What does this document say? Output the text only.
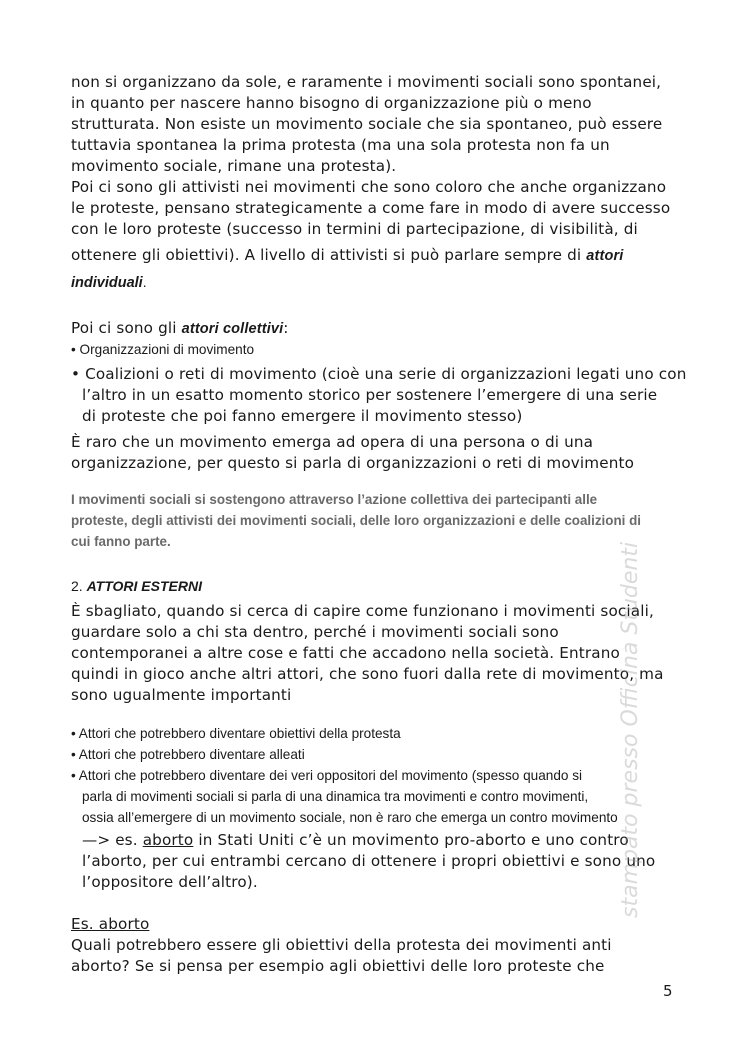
non si organizzano da sole, e raramente i movimenti sociali sono spontanei,
in quanto per nascere hanno bisogno di organizzazione più o meno
strutturata. Non esiste un movimento sociale che sia spontaneo, può essere
tuttavia spontanea la prima protesta (ma una sola protesta non fa un
movimento sociale, rimane una protesta).
Poi ci sono gli attivisti nei movimenti che sono coloro che anche organizzano
le proteste, pensano strategicamente a come fare in modo di avere successo
con le loro proteste (successo in termini di partecipazione, di visibilità, di
ottenere gli obiettivi). A livello di attivisti si può parlare sempre di attori
individuali.
Poi ci sono gli attori collettivi:
• Organizzazioni di movimento
• Coalizioni o reti di movimento (cioè una serie di organizzazioni legati uno con
l’altro in un esatto momento storico per sostenere l’emergere di una serie
di proteste che poi fanno emergere il movimento stesso)
È raro che un movimento emerga ad opera di una persona o di una
organizzazione, per questo si parla di organizzazioni o reti di movimento
I movimenti sociali si sostengono attraverso l’azione collettiva dei partecipanti alle
proteste, degli attivisti dei movimenti sociali, delle loro organizzazioni e delle coalizioni di
cui fanno parte.
2. ATTORI ESTERNI
È sbagliato, quando si cerca di capire come funzionano i movimenti sociali,
guardare solo a chi sta dentro, perché i movimenti sociali sono
contemporanei a altre cose e fatti che accadono nella società. Entrano
quindi in gioco anche altri attori, che sono fuori dalla rete di movimento, ma
sono ugualmente importanti
• Attori che potrebbero diventare obiettivi della protesta
• Attori che potrebbero diventare alleati
• Attori che potrebbero diventare dei veri oppositori del movimento (spesso quando si
parla di movimenti sociali si parla di una dinamica tra movimenti e contro movimenti,
ossia all’emergere di un movimento sociale, non è raro che emerga un contro movimento
—> es. aborto in Stati Uniti c’è un movimento pro-aborto e uno contro
l’aborto, per cui entrambi cercano di ottenere i propri obiettivi e sono uno
l’oppositore dell’altro).
Es. aborto
Quali potrebbero essere gli obiettivi della protesta dei movimenti anti
aborto? Se si pensa per esempio agli obiettivi delle loro proteste che
stampato presso Officina Studenti
5
